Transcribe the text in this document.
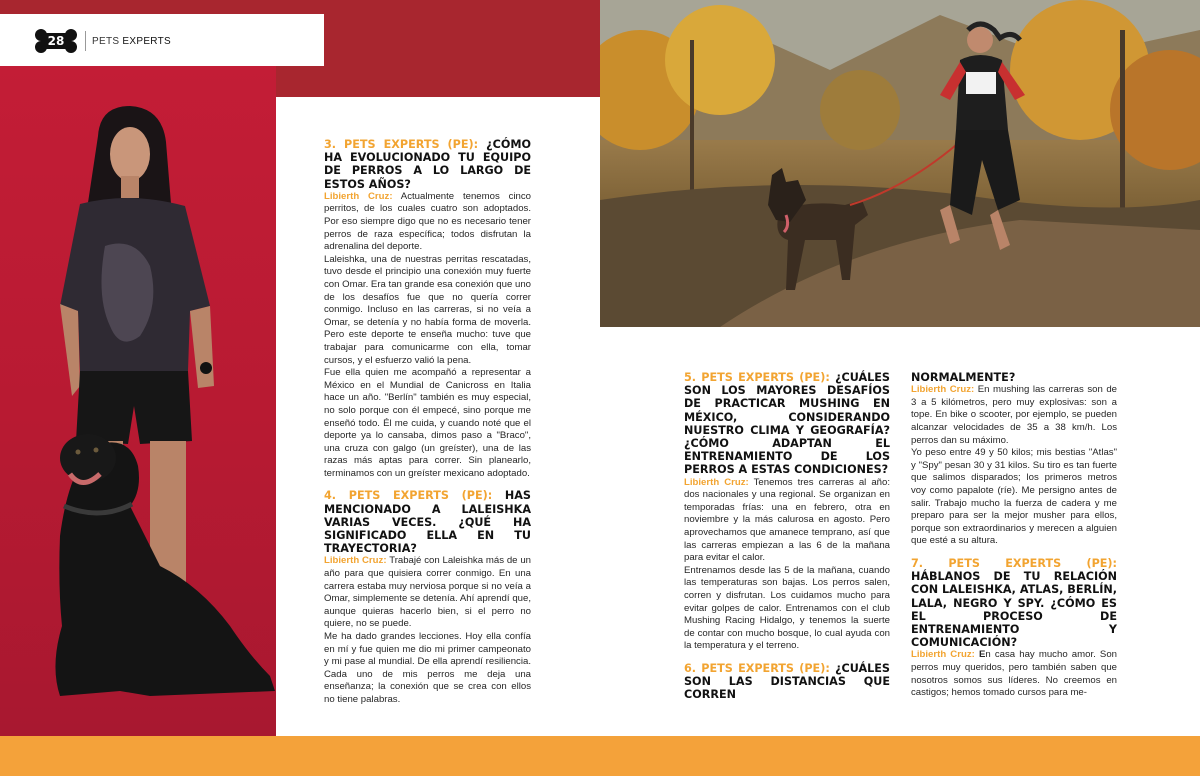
28	PETS EXPERTS

3. PETS EXPERTS (PE): ¿CÓMO HA EVOLUCIONADO TU EQUIPO DE PERROS A LO LARGO DE ESTOS AÑOS?

Libierth Cruz: Actualmente tenemos cinco perritos, de los cuales cuatro son adoptados. Por eso siempre digo que no es necesario tener perros de raza específica; todos disfrutan la adrenalina del deporte.

Laleishka, una de nuestras perritas rescatadas, tuvo desde el principio una conexión muy fuerte con Omar. Era tan grande esa conexión que uno de los desafíos fue que no quería correr conmigo. Incluso en las carreras, si no veía a Omar, se detenía y no había forma de moverla. Pero este deporte te enseña mucho: tuve que trabajar para comunicarme con ella, tomar cursos, y el esfuerzo valió la pena.

Fue ella quien me acompañó a representar a México en el Mundial de Canicross en Italia hace un año. "Berlín" también es muy especial, no solo porque con él empecé, sino porque me enseñó todo. Él me cuida, y cuando noté que el deporte ya lo cansaba, dimos paso a "Braco", una cruza con galgo (un greíster), una de las razas más aptas para correr. Sin planearlo, terminamos con un greíster mexicano adoptado.

4. PETS EXPERTS (PE): HAS MENCIONADO A LALEISHKA VARIAS VECES. ¿QUÉ HA SIGNIFICADO ELLA EN TU TRAYECTORIA?

Libierth Cruz: Trabajé con Laleishka más de un año para que quisiera correr conmigo. En una carrera estaba muy nerviosa porque si no veía a Omar, simplemente se detenía. Ahí aprendí que, aunque quieras hacerlo bien, si el perro no quiere, no se puede.

Me ha dado grandes lecciones. Hoy ella confía en mí y fue quien me dio mi primer campeonato y mi pase al mundial. De ella aprendí resiliencia. Cada uno de mis perros me deja una enseñanza; la conexión que se crea con ellos no tiene palabras.

5. PETS EXPERTS (PE): ¿CUÁLES SON LOS MAYORES DESAFÍOS DE PRACTICAR MUSHING EN MÉXICO, CONSIDERANDO NUESTRO CLIMA Y GEOGRAFÍA? ¿CÓMO ADAPTAN EL ENTRENAMIENTO DE LOS PERROS A ESTAS CONDICIONES?

Libierth Cruz: Tenemos tres carreras al año: dos nacionales y una regional. Se organizan en temporadas frías: una en febrero, otra en noviembre y la más calurosa en agosto. Pero aprovechamos que amanece temprano, así que las carreras empiezan a las 6 de la mañana para evitar el calor.

Entrenamos desde las 5 de la mañana, cuando las temperaturas son bajas. Los perros salen, corren y disfrutan. Los cuidamos mucho para evitar golpes de calor. Entrenamos con el club Mushing Racing Hidalgo, y tenemos la suerte de contar con mucho bosque, lo cual ayuda con la temperatura y el terreno.

6. PETS EXPERTS (PE): ¿CUÁLES SON LAS DISTANCIAS QUE CORREN

NORMALMENTE?

Libierth Cruz: En mushing las carreras son de 3 a 5 kilómetros, pero muy explosivas: son a tope. En bike o scooter, por ejemplo, se pueden alcanzar velocidades de 35 a 38 km/h. Los perros dan su máximo.

Yo peso entre 49 y 50 kilos; mis bestias "Atlas" y "Spy" pesan 30 y 31 kilos. Su tiro es tan fuerte que salimos disparados; los primeros metros voy como papalote (ríe). Me persigno antes de salir. Trabajo mucho la fuerza de cadera y me preparo para ser la mejor musher para ellos, porque son extraordinarios y merecen a alguien que esté a su altura.

7. PETS EXPERTS (PE): HÁBLANOS DE TU RELACIÓN CON LALEISHKA, ATLAS, BERLÍN, LALA, NEGRO Y SPY. ¿CÓMO ES EL PROCESO DE ENTRENAMIENTO Y COMUNICACIÓN?

Libierth Cruz: En casa hay mucho amor. Son perros muy queridos, pero también saben que nosotros somos sus líderes. No creemos en castigos; hemos tomado cursos para me-
